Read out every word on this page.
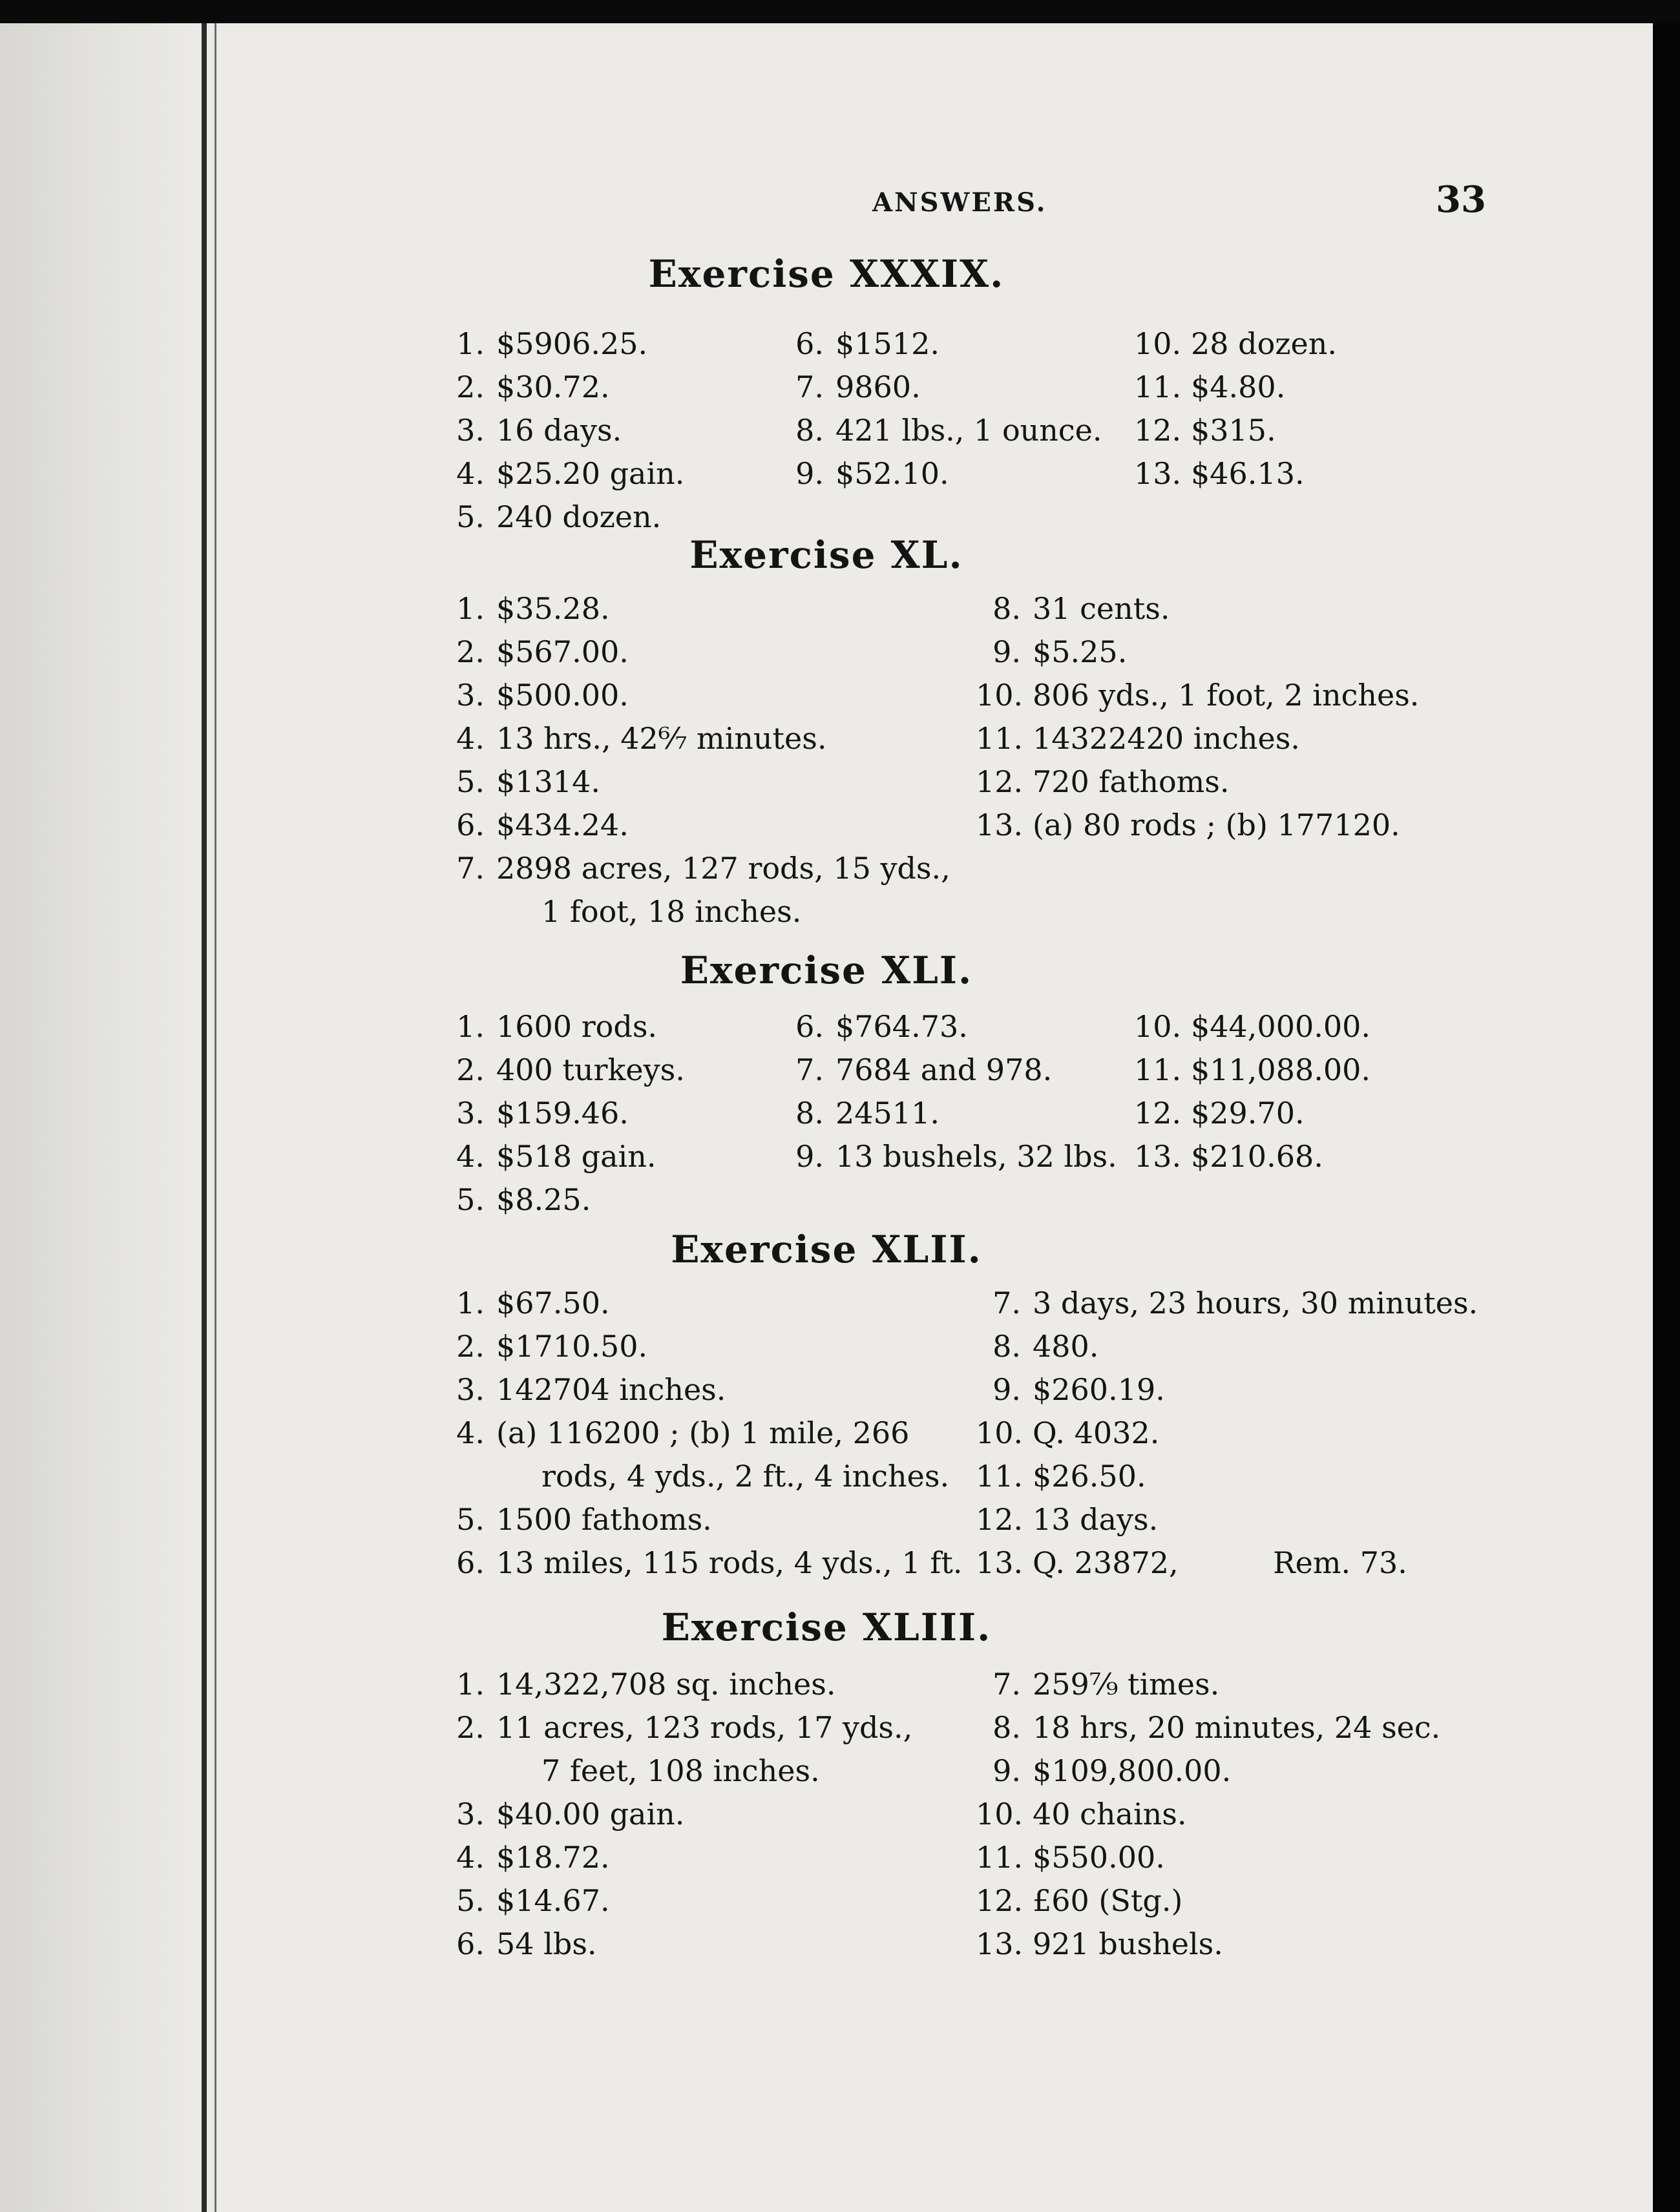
ANSWERS.	33
Exercise XXXIX.
1. $5906.25.
2. $30.72.
3. 16 days.
4. $25.20 gain.
5. 240 dozen.
6. $1512.
7. 9860.
8. 421 lbs., 1 ounce.
9. $52.10.
10. 28 dozen.
11. $4.80.
12. $315.
13. $46.13.
Exercise XL.
1. $35.28.
2. $567.00.
3. $500.00.
4. 13 hrs., 42⁶⁄₇ minutes.
5. $1314.
6. $434.24.
7. 2898 acres, 127 rods, 15 yds.,
1 foot, 18 inches.
8. 31 cents.
9. $5.25.
10. 806 yds., 1 foot, 2 inches.
11. 14322420 inches.
12. 720 fathoms.
13. (a) 80 rods ; (b) 177120.
Exercise XLI.
1. 1600 rods.
2. 400 turkeys.
3. $159.46.
4. $518 gain.
5. $8.25.
6. $764.73.
7. 7684 and 978.
8. 24511.
9. 13 bushels, 32 lbs.
10. $44,000.00.
11. $11,088.00.
12. $29.70.
13. $210.68.
Exercise XLII.
1. $67.50.
2. $1710.50.
3. 142704 inches.
4. (a) 116200 ; (b) 1 mile, 266
rods, 4 yds., 2 ft., 4 inches.
5. 1500 fathoms.
6. 13 miles, 115 rods, 4 yds., 1 ft.
7. 3 days, 23 hours, 30 minutes.
8. 480.
9. $260.19.
10. Q. 4032.
11. $26.50.
12. 13 days.
13. Q. 23872,	Rem. 73.
Exercise XLIII.
1. 14,322,708 sq. inches.
2. 11 acres, 123 rods, 17 yds.,
7 feet, 108 inches.
3. $40.00 gain.
4. $18.72.
5. $14.67.
6. 54 lbs.
7. 259⁷⁄₉ times.
8. 18 hrs, 20 minutes, 24 sec.
9. $109,800.00.
10. 40 chains.
11. $550.00.
12. £60 (Stg.)
13. 921 bushels.
